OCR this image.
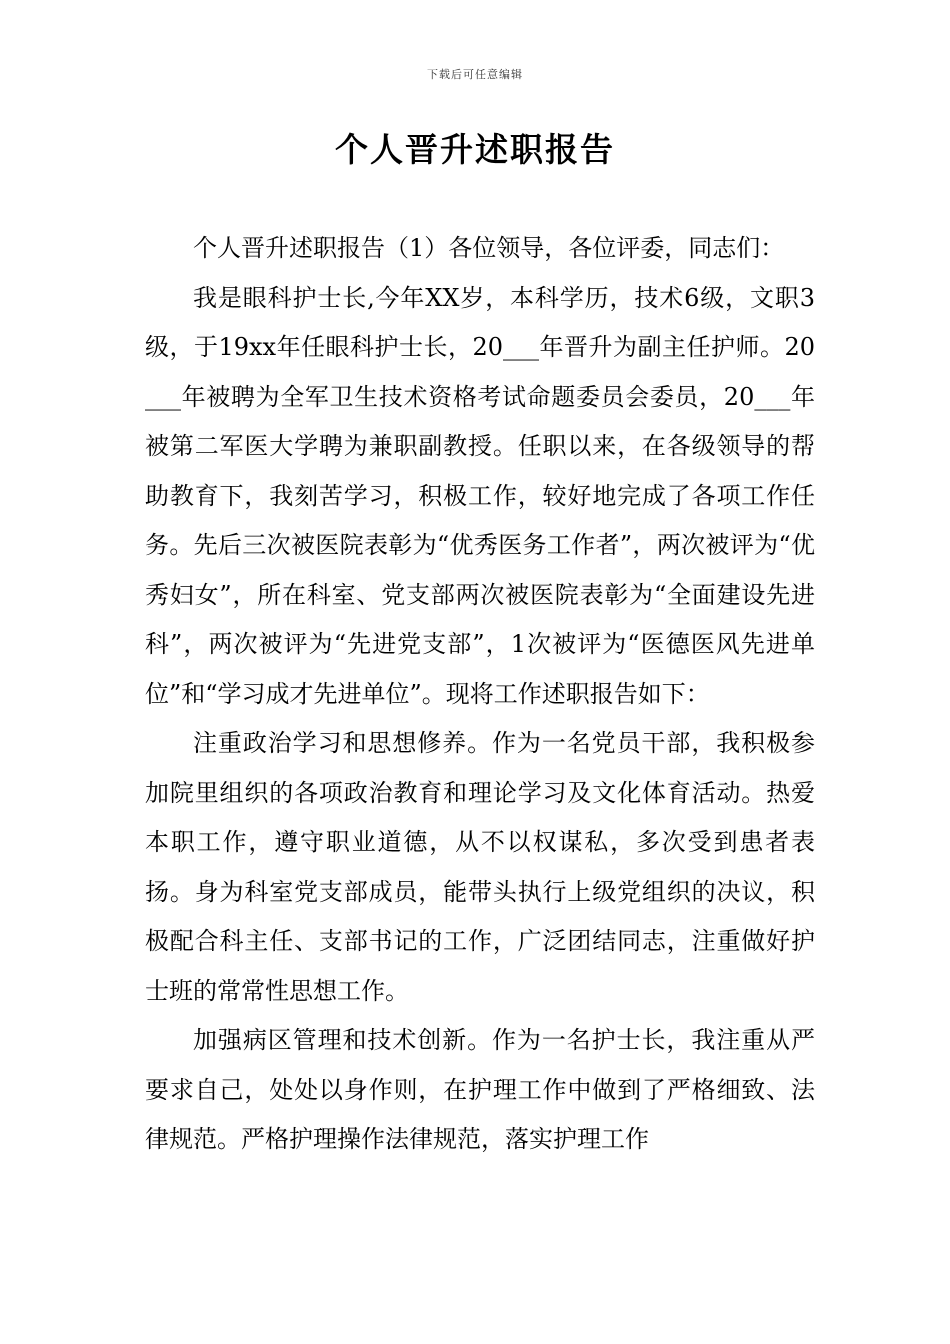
下载后可任意编辑
个人晋升述职报告

个人晋升述职报告（1）各位领导，各位评委，同志们：

我是眼科护士长,今年XX岁，本科学历，技术6级，文职3级，于19xx年任眼科护士长，20___年晋升为副主任护师。20___年被聘为全军卫生技术资格考试命题委员会委员，20___年被第二军医大学聘为兼职副教授。任职以来，在各级领导的帮助教育下，我刻苦学习，积极工作，较好地完成了各项工作任务。先后三次被医院表彰为“优秀医务工作者”，两次被评为“优秀妇女”，所在科室、党支部两次被医院表彰为“全面建设先进科”，两次被评为“先进党支部”，1次被评为“医德医风先进单位”和“学习成才先进单位”。现将工作述职报告如下：

注重政治学习和思想修养。作为一名党员干部，我积极参加院里组织的各项政治教育和理论学习及文化体育活动。热爱本职工作，遵守职业道德，从不以权谋私，多次受到患者表扬。身为科室党支部成员，能带头执行上级党组织的决议，积极配合科主任、支部书记的工作，广泛团结同志，注重做好护士班的常常性思想工作。

加强病区管理和技术创新。作为一名护士长，我注重从严要求自己，处处以身作则，在护理工作中做到了严格细致、法律规范。严格护理操作法律规范，落实护理工作
